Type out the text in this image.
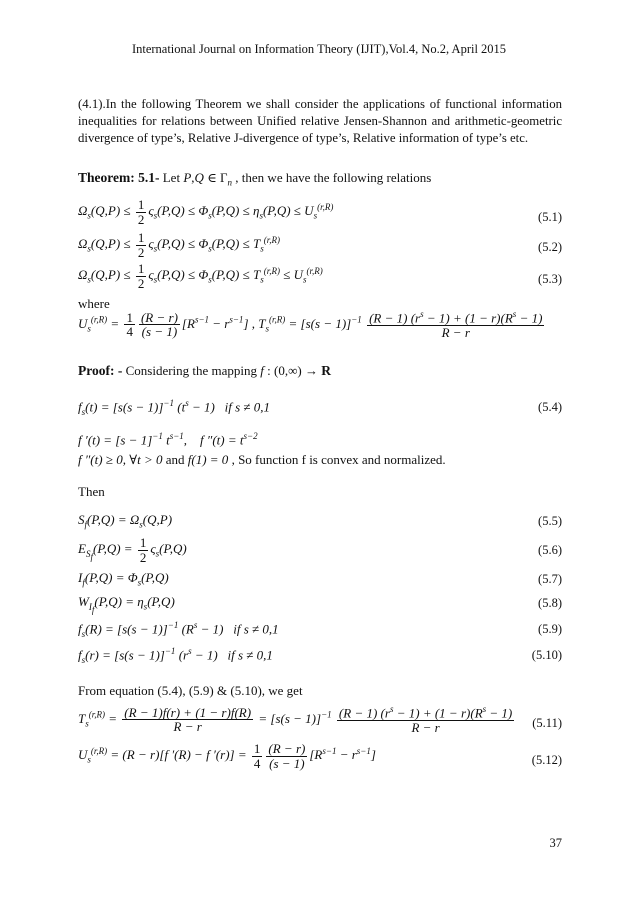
International Journal on Information Theory (IJIT),Vol.4, No.2, April 2015
(4.1).In the following Theorem we shall consider the applications of functional information inequalities for relations between Unified relative Jensen-Shannon and arithmetic-geometric divergence of type’s, Relative J-divergence of type’s, Relative information of type’s etc.
Theorem: 5.1- Let P,Q ∈ $\Gamma_n$ , then we have the following relations
$\Omega_s(Q,P) \le \frac{1}{2} \varsigma_s(P,Q) \le \Phi_s(P,Q) \le \eta_s(P,Q) \le U_s^{(r,R)}$
(5.1)
$\Omega_s(Q,P) \le \frac{1}{2} \varsigma_s(P,Q) \le \Phi_s(P,Q) \le T_s^{(r,R)}$
(5.2)
$\Omega_s(Q,P) \le \frac{1}{2} \varsigma_s(P,Q) \le \Phi_s(P,Q) \le T_s^{(r,R)} \le U_s^{(r,R)}$
(5.3)
where
$U_s^{(r,R)} = \frac{1}{4} \frac{(R - r)}{(s - 1)} [R^{s-1} - r^{s-1}]$ , $T_s^{(r,R)} = [s(s - 1)]^{-1} \frac{(R - 1) (r^s - 1) + (1 - r)(R^s - 1)}{R - r}$
Proof: - Considering the mapping f : (0,∞) → R
$f_s(t) = [s(s - 1)]^{-1}$ $(t^s - 1)$   if s ≠ 0,1	(5.4)
f $'(t) = [s - 1]^{-1}$ $t^{s-1}$,    f $''(t) = t^{s-2}$
f ″(t) ≥ 0, ∀t > 0 and f(1) = 0 , So function f is convex and normalized.
Then
$S_f(P,Q) = \Omega_s(Q,P)$	(5.5)
$E_{S_f}(P,Q) = \frac{1}{2} \varsigma_s(P,Q)$	(5.6)
$I_f(P,Q) = \Phi_s(P,Q)$	(5.7)
$W_{I_f}(P,Q) = \eta_s(P,Q)$	(5.8)
$f_s(R) = [s(s - 1)]^{-1}$ $(R^s - 1)$   if s ≠ 0,1	(5.9)
$f_s(r) = [s(s - 1)]^{-1}$ $(r^s - 1)$   if s ≠ 0,1	(5.10)
From equation (5.4), (5.9) & (5.10), we get
$T_s^{(r,R)} = \frac{(R - 1)f(r) + (1 - r)f(R)}{R - r} = [s(s - 1)]^{-1} \frac{(R - 1) (r^s - 1) + (1 - r)(R^s - 1)}{R - r}$	(5.11)
$U_s^{(r,R)} = (R - r)[f$ ′(R) − f $'(r)] = \frac{1}{4} \frac{(R - r)}{(s - 1)} [R^{s-1} - r^{s-1}]$	(5.12)
37
